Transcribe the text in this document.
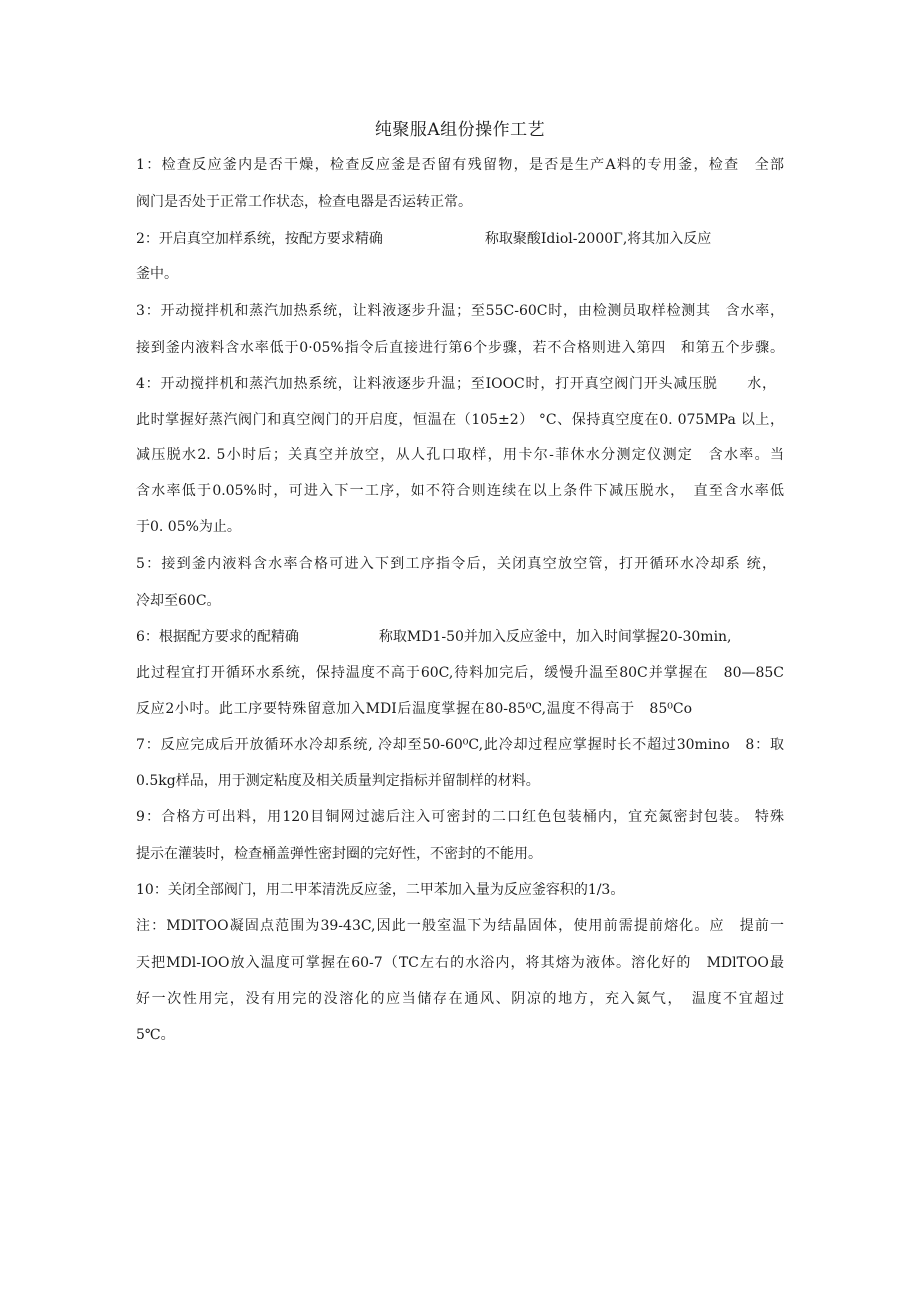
纯聚服A组份操作工艺
1：检查反应釜内是否干燥，检查反应釜是否留有残留物，是否是生产A料的专用釜，检查　全部
阀门是否处于正常工作状态，检查电器是否运转正常。
2：开启真空加样系统，按配方要求精确	称取聚酸Idiol-2000Γ,将其加入反应
釜中。
3：开动搅拌机和蒸汽加热系统，让料液逐步升温；至55C-60C时，由检测员取样检测其　含水率，
接到釜内液料含水率低于0·05%指令后直接进行第6个步骤，若不合格则进入第四　和第五个步骤。
4：开动搅拌机和蒸汽加热系统，让料液逐步升温；至IOOC时，打开真空阀门开头减压脱　　水，
此时掌握好蒸汽阀门和真空阀门的开启度，恒温在（105±2） °C、保持真空度在0. 075MPa 以上，
减压脱水2. 5小时后；关真空并放空，从人孔口取样，用卡尔-菲休水分测定仪测定　含水率。当
含水率低于0.05%时，可进入下一工序，如不符合则连续在以上条件下减压脱水，　直至含水率低
于0. 05%为止。
5：接到釜内液料含水率合格可进入下到工序指令后，关闭真空放空管，打开循环水冷却系 统，
冷却至60C。
6：根据配方要求的配精确	称取MD1-50并加入反应釜中，加入时间掌握20-30min,
此过程宜打开循环水系统，保持温度不高于60C,待料加完后，缓慢升温至80C并掌握在　80—85C
反应2小吋。此工序要特殊留意加入MDI后温度掌握在80-85⁰C,温度不得高于　85⁰Co
7：反应完成后开放循环水冷却系统, 冷却至50-60⁰C,此冷却过程应掌握时长不超过30mino　8：取
0.5kg样品，用于测定粘度及相关质量判定指标并留制样的材料。
9：合格方可出料，用120目铜网过滤后注入可密封的二口红色包装桶内，宜充氮密封包装。 特殊
提示在灌装时，检查桶盖弹性密封圈的完好性，不密封的不能用。
10：关闭全部阀门，用二甲苯清洗反应釜，二甲苯加入量为反应釜容积的1/3。
注：MDlTOO凝固点范围为39-43C,因此一般室温下为结晶固体，使用前需提前熔化。应　提前一
天把MDl-IOO放入温度可掌握在60-7（TC左右的水浴内，将其熔为液体。溶化好的　MDlTOO最
好一次性用完，没有用完的没溶化的应当储存在通风、阴凉的地方，充入氮气，　温度不宜超过
5℃。
